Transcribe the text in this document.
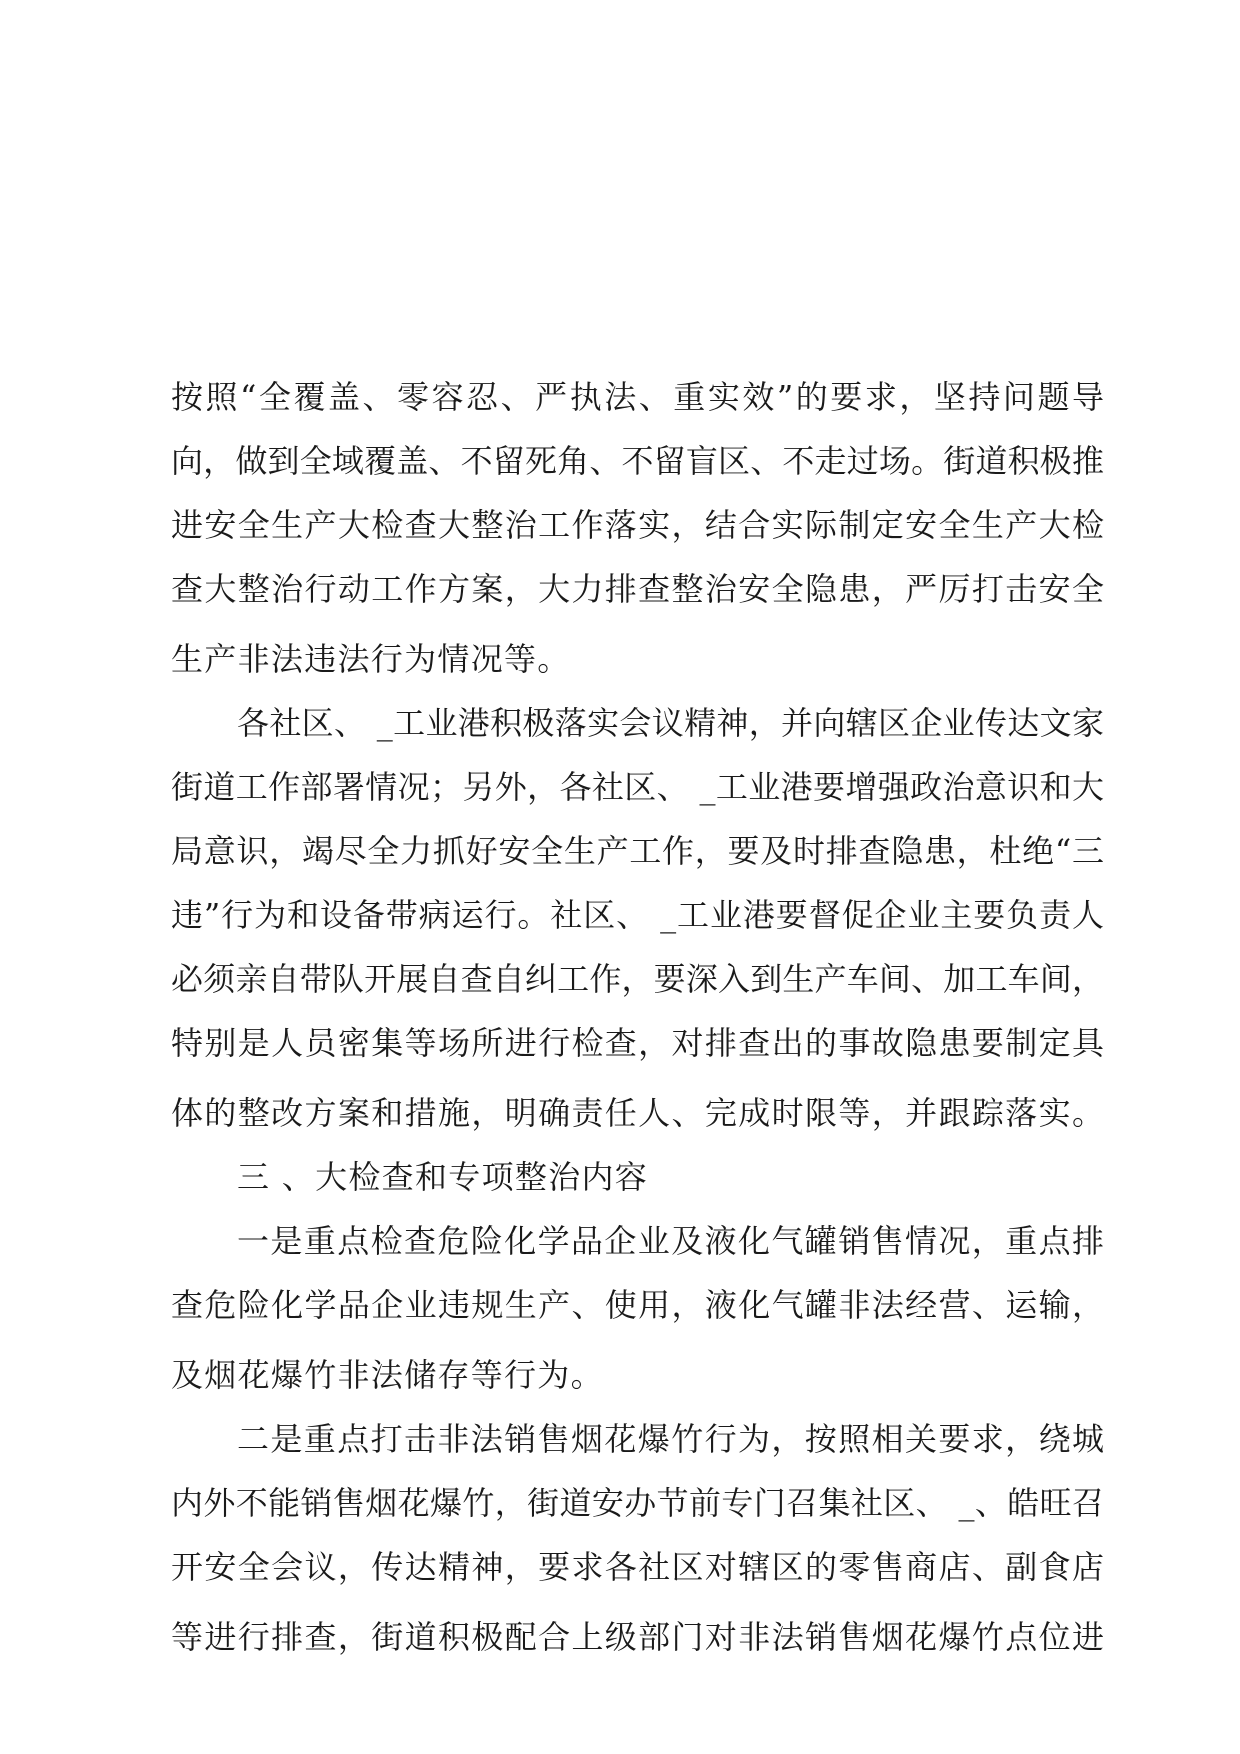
按照“全覆盖、零容忍、严执法、重实效”的要求，坚持问题导
向，做到全域覆盖、不留死角、不留盲区、不走过场。街道积极推
进安全生产大检查大整治工作落实，结合实际制定安全生产大检
查大整治行动工作方案，大力排查整治安全隐患，严厉打击安全
生产非法违法行为情况等。
各社区、 _工业港积极落实会议精神，并向辖区企业传达文家
街道工作部署情况；另外，各社区、 _工业港要增强政治意识和大
局意识，竭尽全力抓好安全生产工作，要及时排查隐患，杜绝“三
违”行为和设备带病运行。社区、 _工业港要督促企业主要负责人
必须亲自带队开展自查自纠工作，要深入到生产车间、加工车间，
特别是人员密集等场所进行检查，对排查出的事故隐患要制定具
体的整改方案和措施，明确责任人、完成时限等，并跟踪落实。
三 、大检查和专项整治内容
一是重点检查危险化学品企业及液化气罐销售情况，重点排
查危险化学品企业违规生产、使用，液化气罐非法经营、运输，
及烟花爆竹非法储存等行为。
二是重点打击非法销售烟花爆竹行为，按照相关要求，绕城
内外不能销售烟花爆竹，街道安办节前专门召集社区、 _、皓旺召
开安全会议，传达精神，要求各社区对辖区的零售商店、副食店
等进行排查，街道积极配合上级部门对非法销售烟花爆竹点位进
